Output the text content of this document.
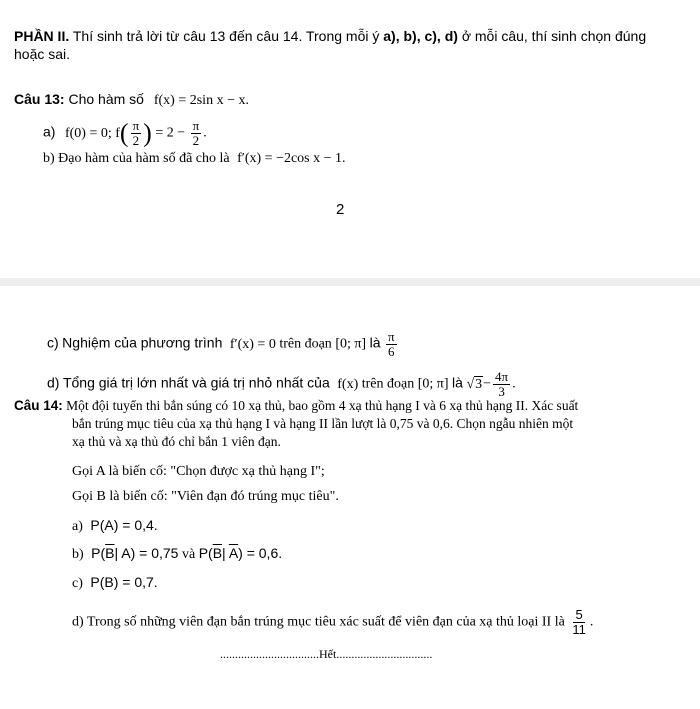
PHẦN II. Thí sinh trả lời từ câu 13 đến câu 14. Trong mỗi ý a), b), c), d) ở mỗi câu, thí sinh chọn đúng
hoặc sai.
Câu 13: Cho hàm số f(x) = 2sin x − x.
a) f(0) = 0; $f( \frac{\pi}{2}$ ) = $2 - \frac{\pi}{2}$ .
b) Đạo hàm của hàm số đã cho là f′(x) = −2cos x − 1.
2
c) Nghiệm của phương trình f′(x) = 0 trên đoạn [0; π] là $\frac{\pi}{6}$
d) Tổng giá trị lớn nhất và giá trị nhỏ nhất của f(x) trên đoạn [0; π] là $√3- \frac{4\pi}{3}$ .
Câu 14: Một đội tuyển thi bắn súng có 10 xạ thủ, bao gồm 4 xạ thủ hạng I và 6 xạ thủ hạng II. Xác suất
bắn trúng mục tiêu của xạ thủ hạng I và hạng II lần lượt là 0,75 và 0,6. Chọn ngẫu nhiên một
xạ thủ và xạ thủ đó chỉ bắn 1 viên đạn.
Gọi A là biến cố: "Chọn được xạ thủ hạng I";
Gọi B là biến cố: "Viên đạn đó trúng mục tiêu".
a) P(A) = 0,4.
b) $P(\overline{B}|$ A) = 0,75 và $P(\overline{B}|$ $\overline{A}) = 0,6$.
c) P(B) = 0,7.
d) Trong số những viên đạn bắn trúng mục tiêu xác suất để viên đạn của xạ thủ loại II là $\frac{5}{11}$ .
.................................Hết................................
